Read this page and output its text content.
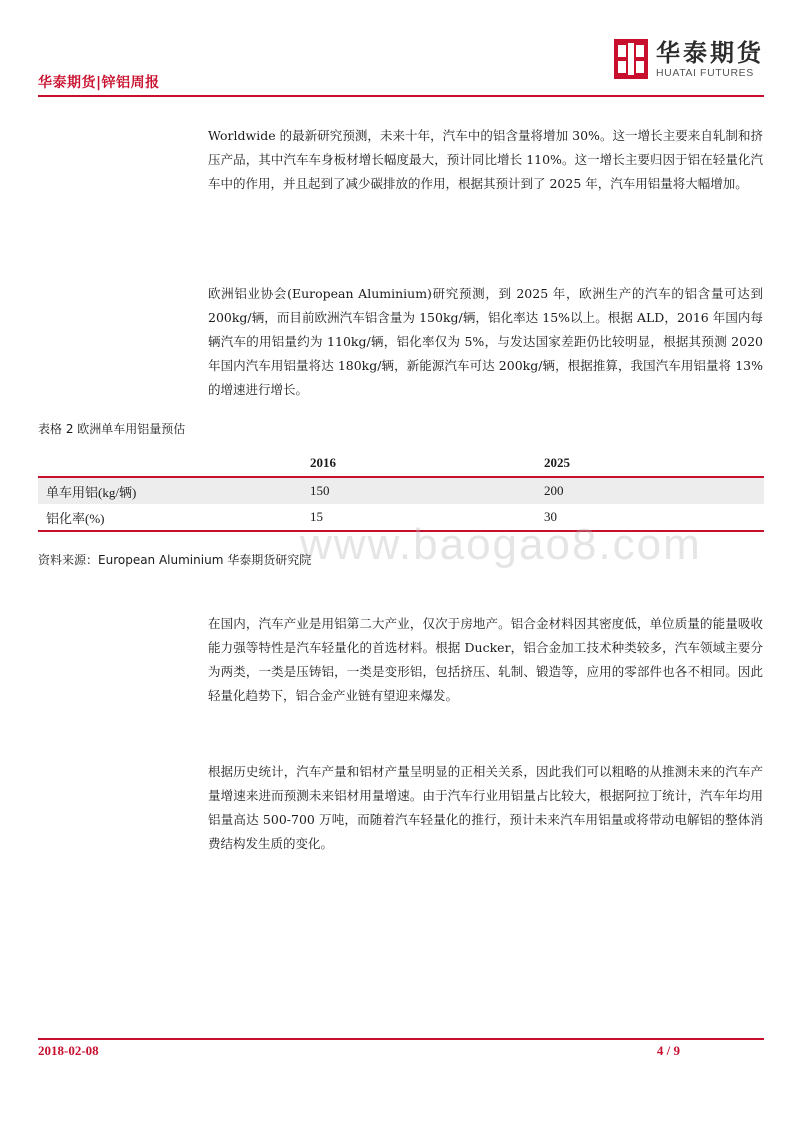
华泰期货|锌铝周报
华泰期货
HUATAI FUTURES

Worldwide 的最新研究预测，未来十年，汽车中的铝含量将增加 30%。这一增长主要来自轧制和挤压产品，其中汽车车身板材增长幅度最大，预计同比增长 110%。这一增长主要归因于铝在轻量化汽车中的作用，并且起到了减少碳排放的作用，根据其预计到了 2025 年，汽车用铝量将大幅增加。

欧洲铝业协会(European Aluminium)研究预测，到 2025 年，欧洲生产的汽车的铝含量可达到 200kg/辆，而目前欧洲汽车铝含量为 150kg/辆，铝化率达 15%以上。根据 ALD，2016 年国内每辆汽车的用铝量约为 110kg/辆，铝化率仅为 5%，与发达国家差距仍比较明显，根据其预测 2020 年国内汽车用铝量将达 180kg/辆，新能源汽车可达 200kg/辆，根据推算，我国汽车用铝量将 13%的增速进行增长。

表格 2 欧洲单车用铝量预估
	2016	2025
单车用铝(kg/辆)	150	200
铝化率(%)	15	30
www.baogao8.com
资料来源：European Aluminium 华泰期货研究院

在国内，汽车产业是用铝第二大产业，仅次于房地产。铝合金材料因其密度低，单位质量的能量吸收能力强等特性是汽车轻量化的首选材料。根据 Ducker，铝合金加工技术种类较多，汽车领域主要分为两类，一类是压铸铝，一类是变形铝，包括挤压、轧制、锻造等，应用的零部件也各不相同。因此轻量化趋势下，铝合金产业链有望迎来爆发。

根据历史统计，汽车产量和铝材产量呈明显的正相关关系，因此我们可以粗略的从推测未来的汽车产量增速来进而预测未来铝材用量增速。由于汽车行业用铝量占比较大，根据阿拉丁统计，汽车年均用铝量高达 500-700 万吨，而随着汽车轻量化的推行，预计未来汽车用铝量或将带动电解铝的整体消费结构发生质的变化。

2018-02-08	4 / 9
